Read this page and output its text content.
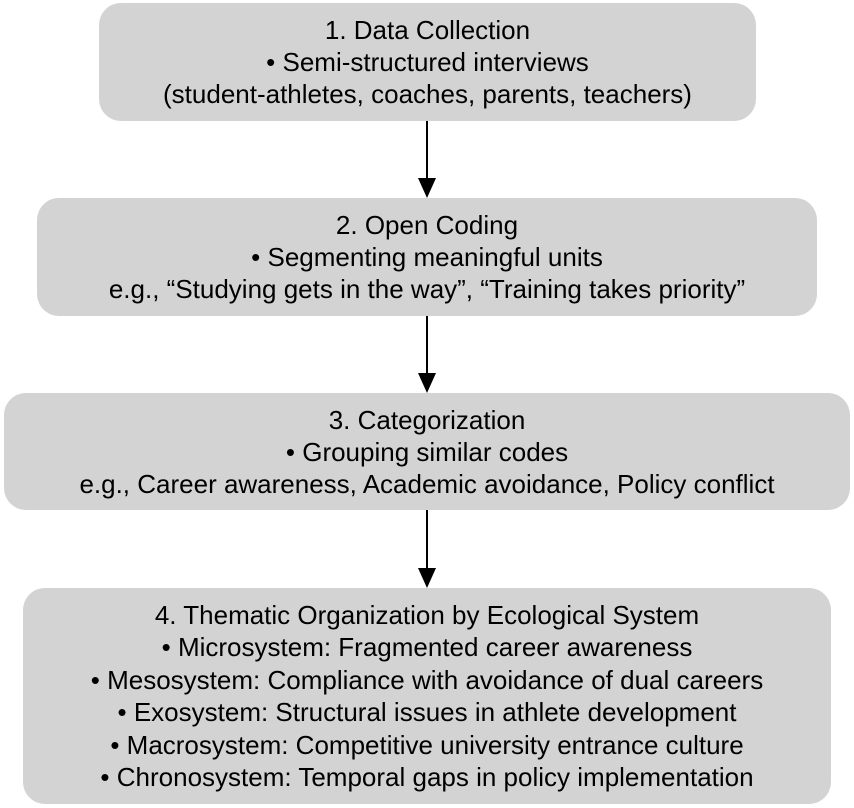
1. Data Collection
• Semi-structured interviews
(student-athletes, coaches, parents, teachers)
2. Open Coding
• Segmenting meaningful units
e.g., “Studying gets in the way”, “Training takes priority”
3. Categorization
• Grouping similar codes
e.g., Career awareness, Academic avoidance, Policy conflict
4. Thematic Organization by Ecological System
• Microsystem: Fragmented career awareness
• Mesosystem: Compliance with avoidance of dual careers
• Exosystem: Structural issues in athlete development
• Macrosystem: Competitive university entrance culture
• Chronosystem: Temporal gaps in policy implementation
